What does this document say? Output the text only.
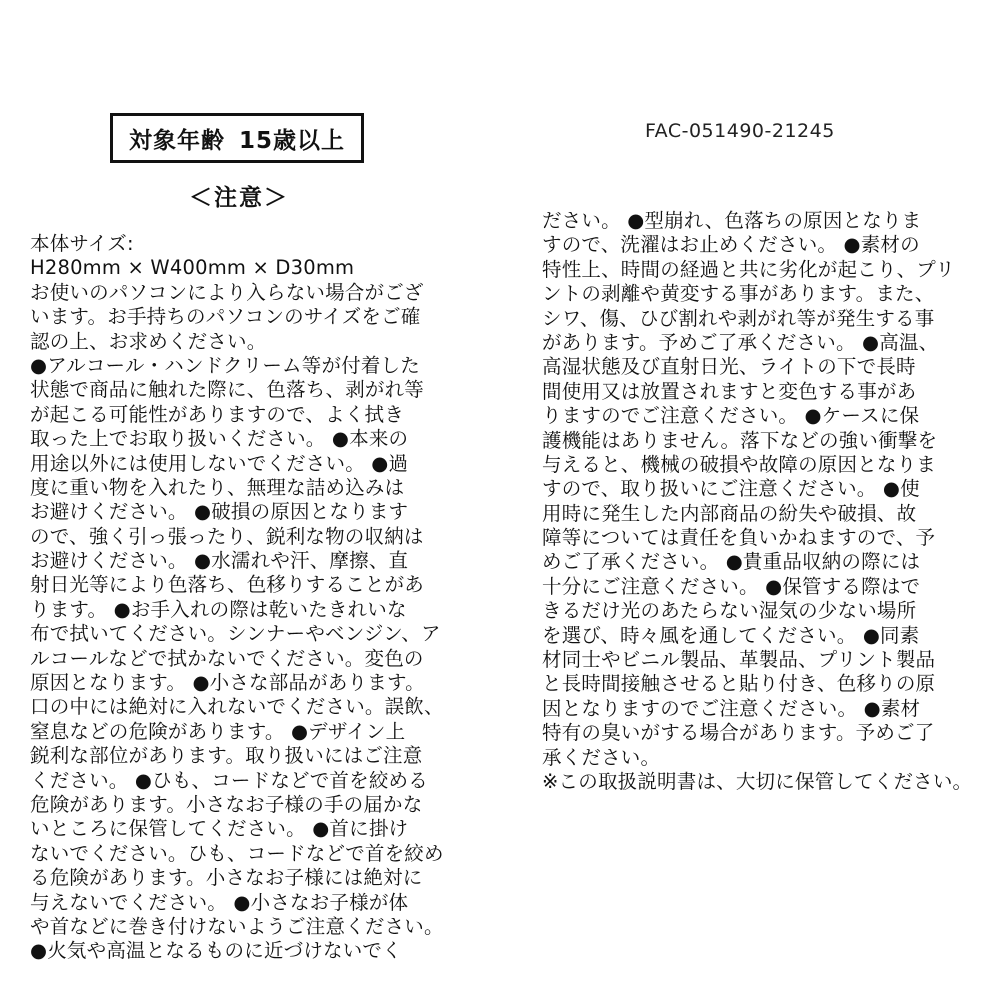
対象年齢 15歳以上
＜注意＞
FAC-051490-21245
本体サイズ:
H280mm × W400mm × D30mm
お使いのパソコンにより入らない場合がござ
います。お手持ちのパソコンのサイズをご確
認の上、お求めください。
●アルコール・ハンドクリーム等が付着した
状態で商品に触れた際に、色落ち、剥がれ等
が起こる可能性がありますので、よく拭き
取った上でお取り扱いください。 ●本来の
用途以外には使用しないでください。 ●過
度に重い物を入れたり、無理な詰め込みは
お避けください。 ●破損の原因となります
ので、強く引っ張ったり、鋭利な物の収納は
お避けください。 ●水濡れや汗、摩擦、直
射日光等により色落ち、色移りすることがあ
ります。 ●お手入れの際は乾いたきれいな
布で拭いてください。シンナーやベンジン、ア
ルコールなどで拭かないでください。変色の
原因となります。 ●小さな部品があります。
口の中には絶対に入れないでください。誤飲、
窒息などの危険があります。 ●デザイン上
鋭利な部位があります。取り扱いにはご注意
ください。 ●ひも、コードなどで首を絞める
危険があります。小さなお子様の手の届かな
いところに保管してください。 ●首に掛け
ないでください。ひも、コードなどで首を絞め
る危険があります。小さなお子様には絶対に
与えないでください。 ●小さなお子様が体
や首などに巻き付けないようご注意ください。
●火気や高温となるものに近づけないでく
ださい。 ●型崩れ、色落ちの原因となりま
すので、洗濯はお止めください。 ●素材の
特性上、時間の経過と共に劣化が起こり、プリ
ントの剥離や黄変する事があります。また、
シワ、傷、ひび割れや剥がれ等が発生する事
があります。予めご了承ください。 ●高温、
高湿状態及び直射日光、ライトの下で長時
間使用又は放置されますと変色する事があ
りますのでご注意ください。 ●ケースに保
護機能はありません。落下などの強い衝撃を
与えると、機械の破損や故障の原因となりま
すので、取り扱いにご注意ください。 ●使
用時に発生した内部商品の紛失や破損、故
障等については責任を負いかねますので、予
めご了承ください。 ●貴重品収納の際には
十分にご注意ください。 ●保管する際はで
きるだけ光のあたらない湿気の少ない場所
を選び、時々風を通してください。 ●同素
材同士やビニル製品、革製品、プリント製品
と長時間接触させると貼り付き、色移りの原
因となりますのでご注意ください。 ●素材
特有の臭いがする場合があります。予めご了
承ください。
※この取扱説明書は、大切に保管してください。
